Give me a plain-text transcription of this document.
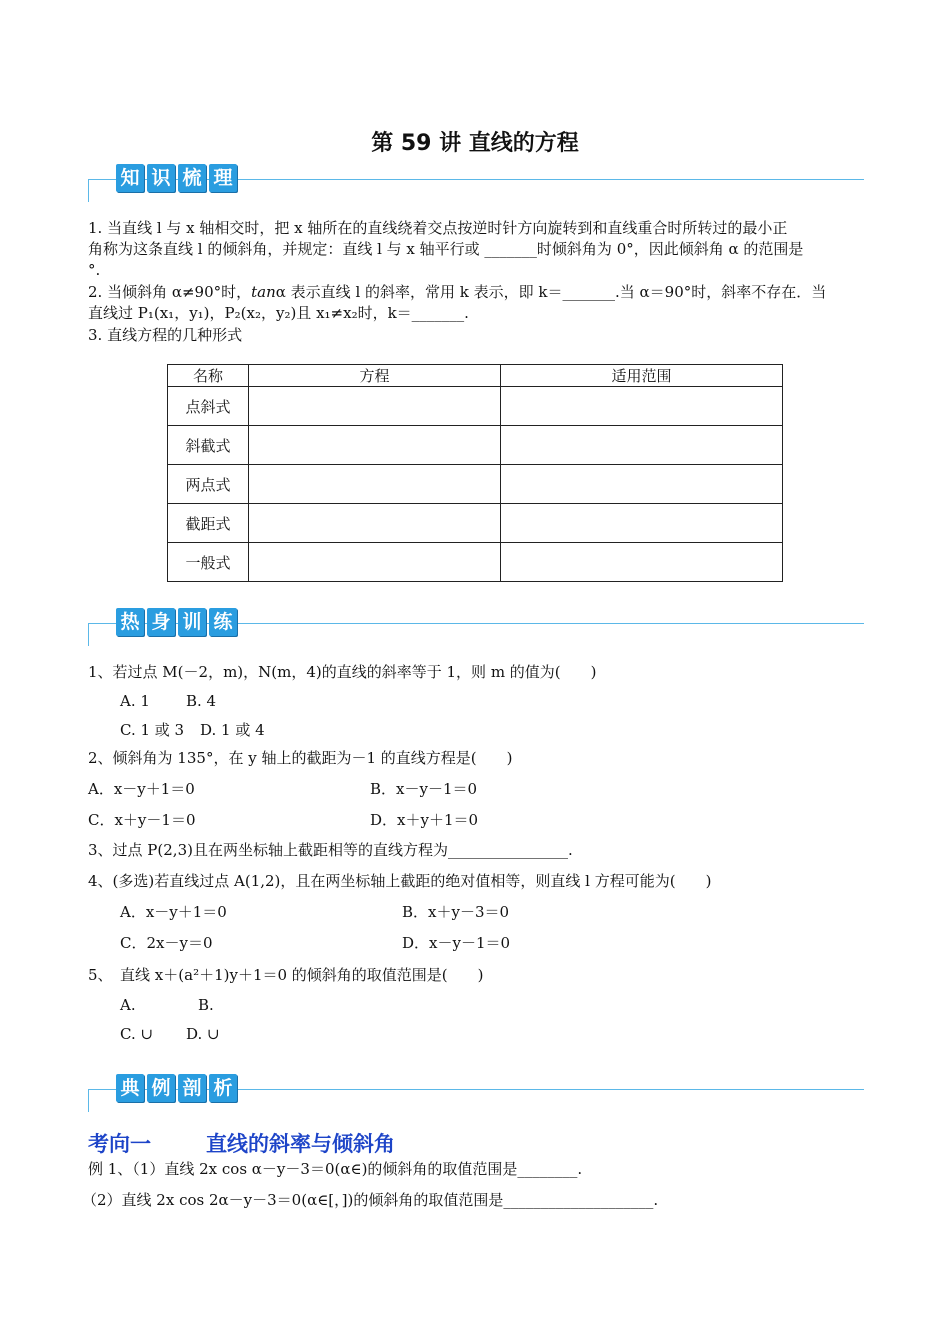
第 59 讲 直线的方程
知 识 梳 理
1. 当直线 l 与 x 轴相交时，把 x 轴所在的直线绕着交点按逆时针方向旋转到和直线重合时所转过的最小正
角称为这条直线 l 的倾斜角，并规定：直线 l 与 x 轴平行或 _______时倾斜角为 0°，因此倾斜角 α 的范围是
°.
2. 当倾斜角 α≠90°时，tanα 表示直线 l 的斜率，常用 k 表示，即 k＝_______.当 α＝90°时，斜率不存在．当
直线过 P₁(x₁，y₁)，P₂(x₂，y₂)且 x₁≠x₂时，k＝_______.
3. 直线方程的几种形式
名称	方程	适用范围
点斜式		
斜截式		
两点式		
截距式		
一般式		
热 身 训 练
1、若过点 M(－2，m)，N(m，4)的直线的斜率等于 1，则 m 的值为(　　)
A. 1 B. 4
C. 1 或 3 D. 1 或 4
2、倾斜角为 135°，在 y 轴上的截距为－1 的直线方程是(　　)
A．x－y＋1＝0	B．x－y－1＝0
C．x＋y－1＝0	D．x＋y＋1＝0
3、过点 P(2,3)且在两坐标轴上截距相等的直线方程为________________.
4、(多选)若直线过点 A(1,2)，且在两坐标轴上截距的绝对值相等，则直线 l 方程可能为(　　)
A．x－y＋1＝0	B．x＋y－3＝0
C．2x－y＝0	D．x－y－1＝0
5、　直线 x＋(a²＋1)y＋1＝0 的倾斜角的取值范围是(　　)
A.	B.
C. ∪ D. ∪
典 例 剖 析
考向一	直线的斜率与倾斜角
例 1、（1）直线 2x cos α－y－3＝0(α∈)的倾斜角的取值范围是________.
（2）直线 2x cos 2α－y－3＝0(α∈[，])的倾斜角的取值范围是____________________.
